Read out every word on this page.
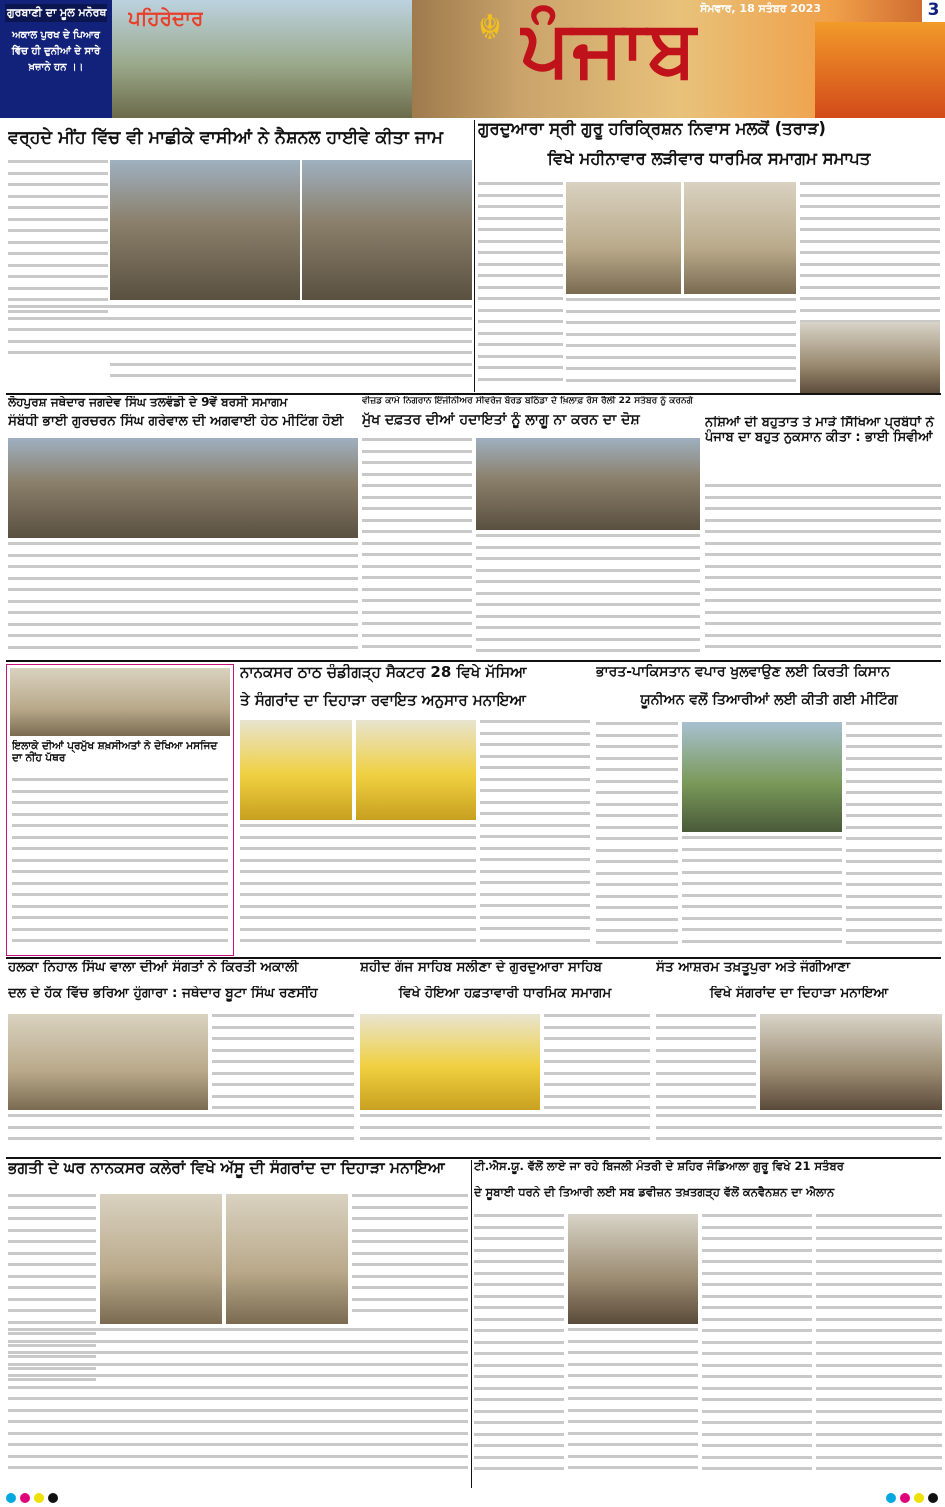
ਗੁਰਬਾਣੀ ਦਾ ਮੂਲ ਮਨੋਰਥ
ਅਕਾਲ ਪੁਰਖ ਦੇ ਪਿਆਰ ਵਿੱਚ ਹੀ ਦੁਨੀਆਂ ਦੇ ਸਾਰੇ ਖ਼ਜ਼ਾਨੇ ਹਨ ।।
ਪਹਿਰੇਦਾਰ	☬ ਪੰਜਾਬ ਸੋਮਵਾਰ, 18 ਸਤੰਬਰ 2023	3
ਵਰ੍ਹਦੇ ਮੀਂਹ ਵਿੱਚ ਵੀ ਮਾਛੀਕੇ ਵਾਸੀਆਂ ਨੇ ਨੈਸ਼ਨਲ ਹਾਈਵੇ ਕੀਤਾ ਜਾਮ	ਗੁਰਦੁਆਰਾ ਸ੍ਰੀ ਗੁਰੂ ਹਰਿਕ੍ਰਿਸ਼ਨ ਨਿਵਾਸ ਮਲਕੋਂ (ਤਰਾੜ)
ਵਿਖੇ ਮਹੀਨਾਵਾਰ ਲੜੀਵਾਰ ਧਾਰਮਿਕ ਸਮਾਗਮ ਸਮਾਪਤ
ਲੋਹਪੁਰਸ਼ ਜਥੇਦਾਰ ਜਗਦੇਵ ਸਿੰਘ ਤਲਵੰਡੀ ਦੇ 9ਵੇਂ ਬਰਸੀ ਸਮਾਗਮ
ਸੰਬੰਧੀ ਭਾਈ ਗੁਰਚਰਨ ਸਿੰਘ ਗਰੇਵਾਲ ਦੀ ਅਗਵਾਈ ਹੇਠ ਮੀਟਿੰਗ ਹੋਈ
ਵੀਜ਼ਡ ਕਾਮੇ ਨਿਗਰਾਨ ਇੰਜੀਨੀਅਰ ਸੀਵਰੇਜ ਬੋਰਡ ਬਠਿੰਡਾ ਦੇ ਖ਼ਿਲਾਫ਼ ਰੋਸ ਰੈਲੀ 22 ਸਤੰਬਰ ਨੂੰ ਕਰਨਗੇ
ਮੁੱਖ ਦਫ਼ਤਰ ਦੀਆਂ ਹਦਾਇਤਾਂ ਨੂੰ ਲਾਗੂ ਨਾ ਕਰਨ ਦਾ ਦੋਸ਼	ਨਸ਼ਿਆਂ ਦੀ ਬਹੁਤਾਤ ਤੇ ਮਾੜੇ ਸਿੱਖਿਆ ਪ੍ਰਬੰਧਾਂ ਨੇ ਪੰਜਾਬ ਦਾ ਬਹੁਤ ਨੁਕਸਾਨ ਕੀਤਾ : ਭਾਈ ਸਿਵੀਆਂ
ਇਲਾਕੇ ਦੀਆਂ ਪ੍ਰਮੁੱਖ ਸ਼ਖ਼ਸੀਅਤਾਂ ਨੇ ਦੇਖਿਆ ਮਸਜਿਦ ਦਾ ਨੀਂਹ ਪੱਥਰ
ਨਾਨਕਸਰ ਠਾਠ ਚੰਡੀਗੜ੍ਹ ਸੈਕਟਰ 28 ਵਿਖੇ ਮੱਸਿਆ
ਤੇ ਸੰਗਰਾਂਦ ਦਾ ਦਿਹਾੜਾ ਰਵਾਇਤ ਅਨੁਸਾਰ ਮਨਾਇਆ
ਭਾਰਤ-ਪਾਕਿਸਤਾਨ ਵਪਾਰ ਖੁਲਵਾਉਣ ਲਈ ਕਿਰਤੀ ਕਿਸਾਨ
ਯੂਨੀਅਨ ਵਲੋਂ ਤਿਆਰੀਆਂ ਲਈ ਕੀਤੀ ਗਈ ਮੀਟਿੰਗ
ਹਲਕਾ ਨਿਹਾਲ ਸਿੰਘ ਵਾਲਾ ਦੀਆਂ ਸੰਗਤਾਂ ਨੇ ਕਿਰਤੀ ਅਕਾਲੀ
ਦਲ ਦੇ ਹੱਕ ਵਿੱਚ ਭਰਿਆ ਹੁੰਗਾਰਾ : ਜਥੇਦਾਰ ਬੂਟਾ ਸਿੰਘ ਰਣਸੀਂਹ
ਸ਼ਹੀਦ ਗੰਜ ਸਾਹਿਬ ਸਲੀਣਾ ਦੇ ਗੁਰਦੁਆਰਾ ਸਾਹਿਬ
ਵਿਖੇ ਹੋਇਆ ਹਫ਼ਤਾਵਾਰੀ ਧਾਰਮਿਕ ਸਮਾਗਮ
ਸੰਤ ਆਸ਼ਰਮ ਤਖ਼ਤੂਪੁਰਾ ਅਤੇ ਜੰਗੀਆਣਾ
ਵਿਖੇ ਸੰਗਰਾਂਦ ਦਾ ਦਿਹਾੜਾ ਮਨਾਇਆ
ਭਗਤੀ ਦੇ ਘਰ ਨਾਨਕਸਰ ਕਲੇਰਾਂ ਵਿਖੇ ਅੱਸੂ ਦੀ ਸੰਗਰਾਂਦ ਦਾ ਦਿਹਾੜਾ ਮਨਾਇਆ	ਟੀ.ਐਸ.ਯੂ. ਵੱਲੋਂ ਲਾਏ ਜਾ ਰਹੇ ਬਿਜਲੀ ਮੰਤਰੀ ਦੇ ਸ਼ਹਿਰ ਜੰਡਿਆਲਾ ਗੁਰੂ ਵਿਖੇ 21 ਸਤੰਬਰ
ਦੇ ਸੂਬਾਈ ਧਰਨੇ ਦੀ ਤਿਆਰੀ ਲਈ ਸਬ ਡਵੀਜ਼ਨ ਤਖ਼ਤਗੜ੍ਹ ਵੱਲੋਂ ਕਨਵੈਨਸ਼ਨ ਦਾ ਐਲਾਨ
